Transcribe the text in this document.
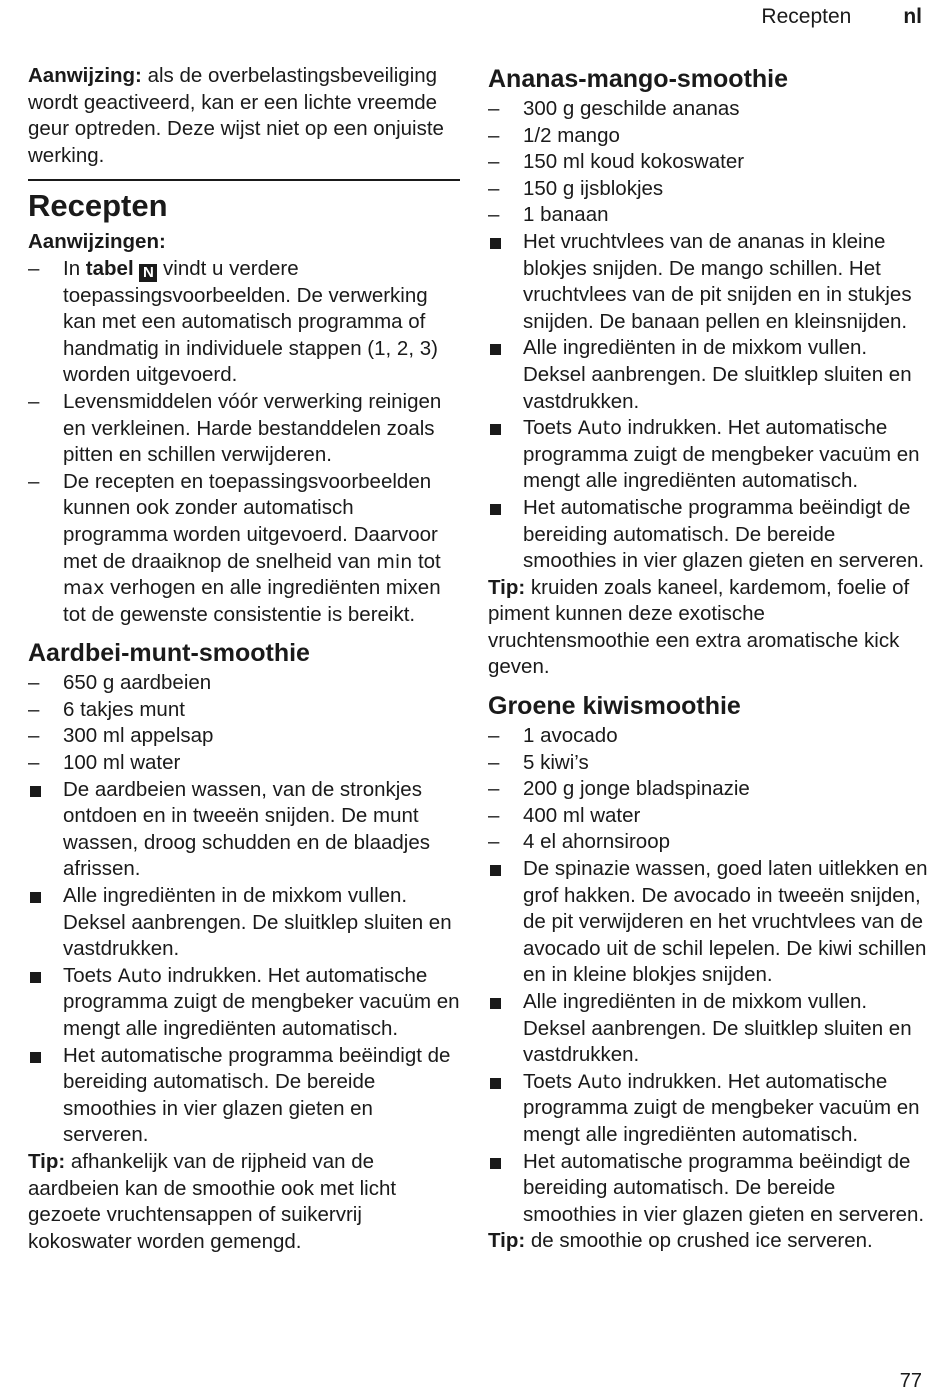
Recepten nl

Aanwijzing: als de overbelastingsbeveiliging wordt geactiveerd, kan er een lichte vreemde geur optreden. Deze wijst niet op een onjuiste werking.

Recepten

Aanwijzingen:

–
In tabel N vindt u verdere toepassingsvoorbeelden. De verwerking kan met een automatisch programma of handmatig in individuele stappen (1, 2, 3) worden uitgevoerd.
–
Levensmiddelen vóór verwerking reinigen en verkleinen. Harde bestanddelen zoals pitten en schillen verwijderen.
–
De recepten en toepassingsvoorbeelden kunnen ook zonder automatisch programma worden uitgevoerd. Daarvoor met de draaiknop de snelheid van min tot max verhogen en alle ingrediënten mixen tot de gewenste consistentie is bereikt.
Aardbei-munt-smoothie
–
650 g aardbeien
–
6 takjes munt
–
300 ml appelsap
–
100 ml water
De aardbeien wassen, van de stronkjes ontdoen en in tweeën snijden. De munt wassen, droog schudden en de blaadjes afrissen.
Alle ingrediënten in de mixkom vullen. Deksel aanbrengen. De sluitklep sluiten en vastdrukken.
Toets Auto indrukken. Het automatische programma zuigt de mengbeker vacuüm en mengt alle ingrediënten automatisch.
Het automatische programma beëindigt de bereiding automatisch. De bereide smoothies in vier glazen gieten en serveren.

Tip: afhankelijk van de rijpheid van de aardbeien kan de smoothie ook met licht gezoete vruchtensappen of suikervrij kokoswater worden gemengd.

Ananas-mango-smoothie
–
300 g geschilde ananas
–
1/2 mango
–
150 ml koud kokoswater
–
150 g ijsblokjes
–
1 banaan
Het vruchtvlees van de ananas in kleine blokjes snijden. De mango schillen. Het vruchtvlees van de pit snijden en in stukjes snijden. De banaan pellen en kleinsnijden.
Alle ingrediënten in de mixkom vullen. Deksel aanbrengen. De sluitklep sluiten en vastdrukken.
Toets Auto indrukken. Het automatische programma zuigt de mengbeker vacuüm en mengt alle ingrediënten automatisch.
Het automatische programma beëindigt de bereiding automatisch. De bereide smoothies in vier glazen gieten en serveren.

Tip: kruiden zoals kaneel, kardemom, foelie of piment kunnen deze exotische vruchtensmoothie een extra aromatische kick geven.

Groene kiwismoothie
–
1 avocado
–
5 kiwi’s
–
200 g jonge bladspinazie
–
400 ml water
–
4 el ahornsiroop
De spinazie wassen, goed laten uitlekken en grof hakken. De avocado in tweeën snijden, de pit verwijderen en het vruchtvlees van de avocado uit de schil lepelen. De kiwi schillen en in kleine blokjes snijden.
Alle ingrediënten in de mixkom vullen. Deksel aanbrengen. De sluitklep sluiten en vastdrukken.
Toets Auto indrukken. Het automatische programma zuigt de mengbeker vacuüm en mengt alle ingrediënten automatisch.
Het automatische programma beëindigt de bereiding automatisch. De bereide smoothies in vier glazen gieten en serveren.

Tip: de smoothie op crushed ice serveren.

77
